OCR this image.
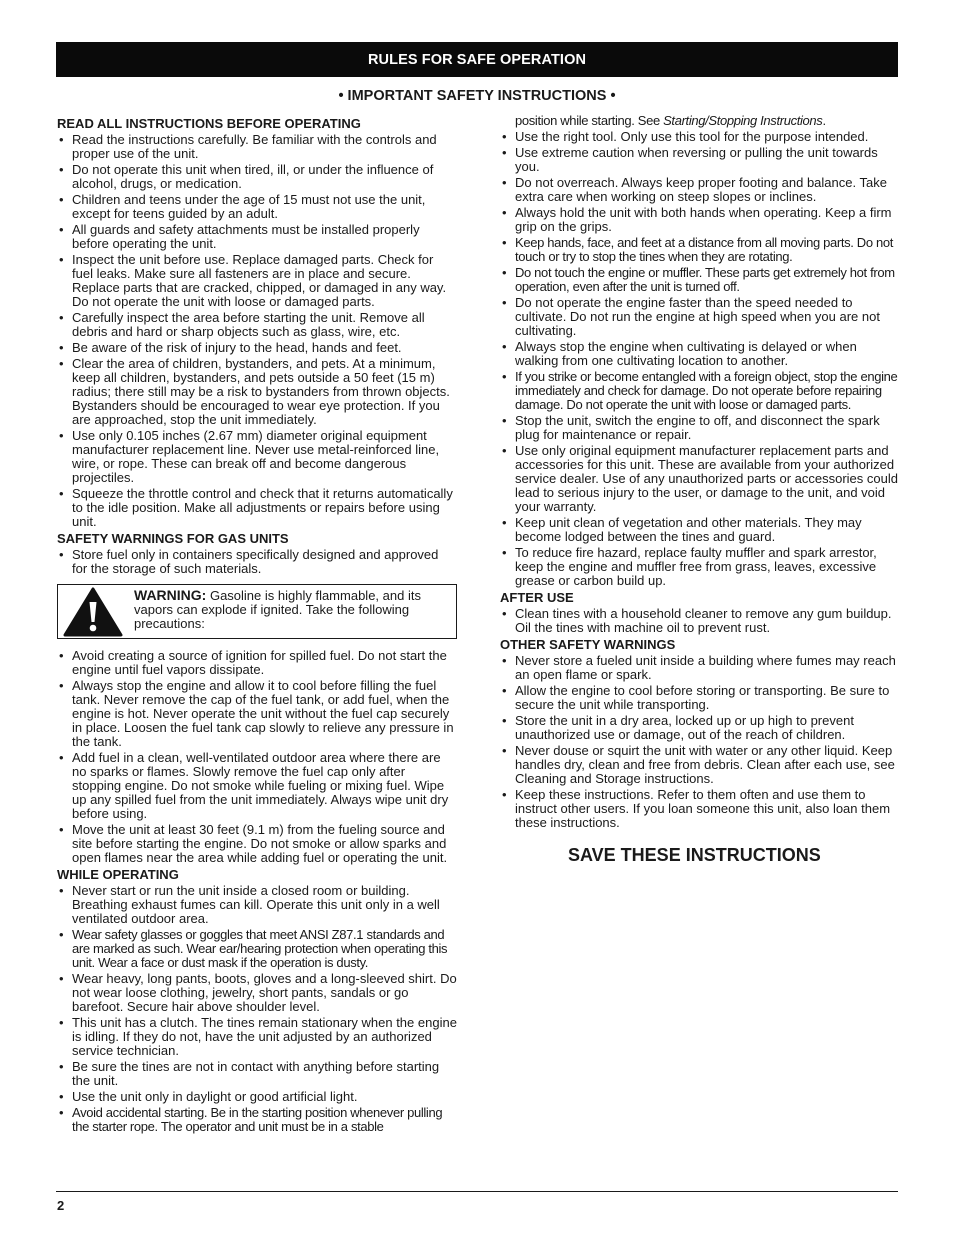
RULES FOR SAFE OPERATION
• IMPORTANT SAFETY INSTRUCTIONS •
READ ALL INSTRUCTIONS BEFORE OPERATING
• Read the instructions carefully. Be familiar with the controls and proper use of the unit.
• Do not operate this unit when tired, ill, or under the influence of alcohol, drugs, or medication.
• Children and teens under the age of 15 must not use the unit, except for teens guided by an adult.
• All guards and safety attachments must be installed properly before operating the unit.
• Inspect the unit before use. Replace damaged parts. Check for fuel leaks. Make sure all fasteners are in place and secure. Replace parts that are cracked, chipped, or damaged in any way. Do not operate the unit with loose or damaged parts.
• Carefully inspect the area before starting the unit. Remove all debris and hard or sharp objects such as glass, wire, etc.
• Be aware of the risk of injury to the head, hands and feet.
• Clear the area of children, bystanders, and pets. At a minimum, keep all children, bystanders, and pets outside a 50 feet (15 m) radius; there still may be a risk to bystanders from thrown objects. Bystanders should be encouraged to wear eye protection. If you are approached, stop the unit immediately.
• Use only 0.105 inches (2.67 mm) diameter original equipment manufacturer replacement line. Never use metal-reinforced line, wire, or rope. These can break off and become dangerous projectiles.
• Squeeze the throttle control and check that it returns automatically to the idle position. Make all adjustments or repairs before using unit.
SAFETY WARNINGS FOR GAS UNITS
• Store fuel only in containers specifically designed and approved for the storage of such materials.
WARNING: Gasoline is highly flammable, and its vapors can explode if ignited. Take the following precautions:
• Avoid creating a source of ignition for spilled fuel. Do not start the engine until fuel vapors dissipate.
• Always stop the engine and allow it to cool before filling the fuel tank. Never remove the cap of the fuel tank, or add fuel, when the engine is hot. Never operate the unit without the fuel cap securely in place. Loosen the fuel tank cap slowly to relieve any pressure in the tank.
• Add fuel in a clean, well-ventilated outdoor area where there are no sparks or flames. Slowly remove the fuel cap only after stopping engine. Do not smoke while fueling or mixing fuel. Wipe up any spilled fuel from the unit immediately. Always wipe unit dry before using.
• Move the unit at least 30 feet (9.1 m) from the fueling source and site before starting the engine. Do not smoke or allow sparks and open flames near the area while adding fuel or operating the unit.
WHILE OPERATING
• Never start or run the unit inside a closed room or building. Breathing exhaust fumes can kill. Operate this unit only in a well ventilated outdoor area.
• Wear safety glasses or goggles that meet ANSI Z87.1 standards and are marked as such. Wear ear/hearing protection when operating this unit. Wear a face or dust mask if the operation is dusty.
• Wear heavy, long pants, boots, gloves and a long-sleeved shirt. Do not wear loose clothing, jewelry, short pants, sandals or go barefoot. Secure hair above shoulder level.
• This unit has a clutch. The tines remain stationary when the engine is idling. If they do not, have the unit adjusted by an authorized service technician.
• Be sure the tines are not in contact with anything before starting the unit.
• Use the unit only in daylight or good artificial light.
• Avoid accidental starting. Be in the starting position whenever pulling the starter rope. The operator and unit must be in a stable
position while starting. See Starting/Stopping Instructions.
• Use the right tool. Only use this tool for the purpose intended.
• Use extreme caution when reversing or pulling the unit towards you.
• Do not overreach. Always keep proper footing and balance. Take extra care when working on steep slopes or inclines.
• Always hold the unit with both hands when operating. Keep a firm grip on the grips.
• Keep hands, face, and feet at a distance from all moving parts. Do not touch or try to stop the tines when they are rotating.
• Do not touch the engine or muffler. These parts get extremely hot from operation, even after the unit is turned off.
• Do not operate the engine faster than the speed needed to cultivate. Do not run the engine at high speed when you are not cultivating.
• Always stop the engine when cultivating is delayed or when walking from one cultivating location to another.
• If you strike or become entangled with a foreign object, stop the engine immediately and check for damage. Do not operate before repairing damage. Do not operate the unit with loose or damaged parts.
• Stop the unit, switch the engine to off, and disconnect the spark plug for maintenance or repair.
• Use only original equipment manufacturer replacement parts and accessories for this unit. These are available from your authorized service dealer. Use of any unauthorized parts or accessories could lead to serious injury to the user, or damage to the unit, and void your warranty.
• Keep unit clean of vegetation and other materials. They may become lodged between the tines and guard.
• To reduce fire hazard, replace faulty muffler and spark arrestor, keep the engine and muffler free from grass, leaves, excessive grease or carbon build up.
AFTER USE
• Clean tines with a household cleaner to remove any gum buildup. Oil the tines with machine oil to prevent rust.
OTHER SAFETY WARNINGS
• Never store a fueled unit inside a building where fumes may reach an open flame or spark.
• Allow the engine to cool before storing or transporting. Be sure to secure the unit while transporting.
• Store the unit in a dry area, locked up or up high to prevent unauthorized use or damage, out of the reach of children.
• Never douse or squirt the unit with water or any other liquid. Keep handles dry, clean and free from debris. Clean after each use, see Cleaning and Storage instructions.
• Keep these instructions. Refer to them often and use them to instruct other users. If you loan someone this unit, also loan them these instructions.
SAVE THESE INSTRUCTIONS
2
